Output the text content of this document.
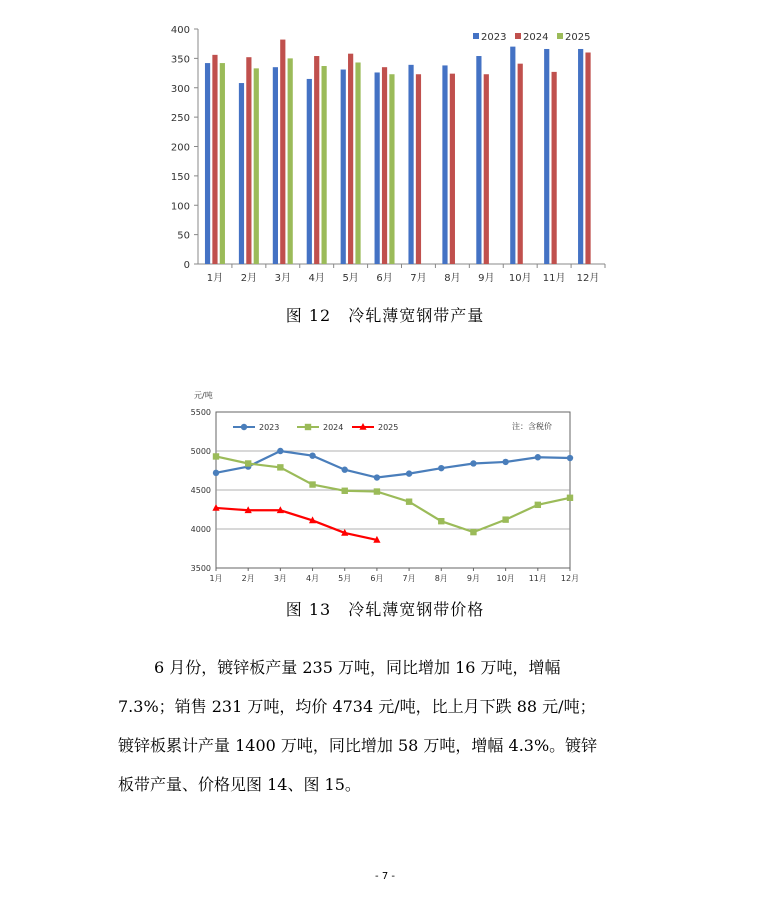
0
50
100
150
200
250
300
350
400
1月 2月 3月 4月 5月 6月 7月 8月 9月 10月 11月 12月
2023 2024 2025
图 12　冷轧薄宽钢带产量
3500
4000
4500
5000
5500
1月 2月 3月 4月 5月 6月 7月 8月 9月 10月 11月 12月
元/吨
注：含税价
2023	2024	2025
图 13　冷轧薄宽钢带价格

6 月份，镀锌板产量 235 万吨，同比增加 16 万吨，增幅

7.3%；销售 231 万吨，均价 4734 元/吨，比上月下跌 88 元/吨；

镀锌板累计产量 1400 万吨，同比增加 58 万吨，增幅 4.3%。镀锌

板带产量、价格见图 14、图 15。

- 7 -
